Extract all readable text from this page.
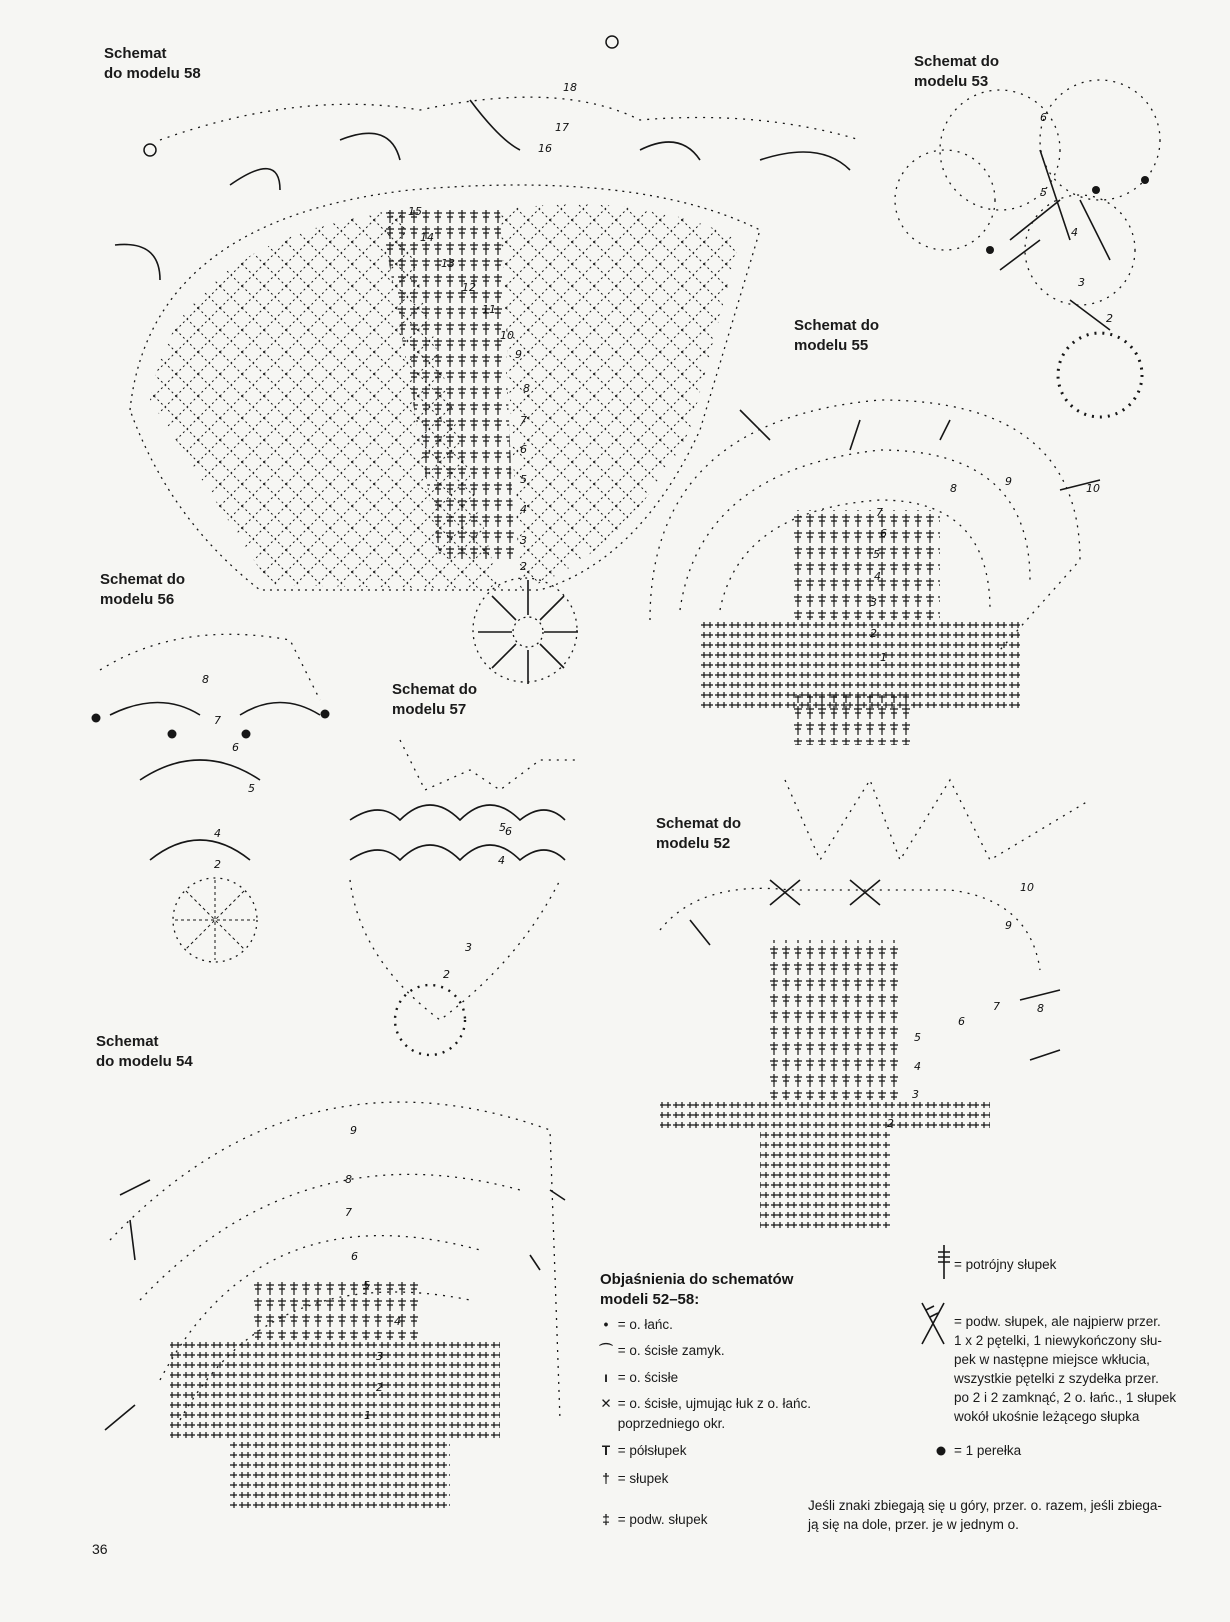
2
3
4
5
6
7
8
9
10
11
12
13
14
15
16
17
18
2
3
4
5
6
1
2
3
4
5
6
7
8
9
10
2
4
5
6
7
8
2
3
4
5 6
2
3
4
5
6
7	8
9
10
1
2
3
4
5
6
7
8
9
Schemat
do modelu 58
Schemat do
modelu 53
Schemat do
modelu 55
Schemat do
modelu 56
Schemat do
modelu 57
Schemat do
modelu 52
Schemat
do modelu 54
Objaśnienia do schematów
modeli 52–58:
• = o. łańc.
⌒ = o. ścisłe zamyk.
ı = o. ścisłe
✕ = o. ścisłe, ujmując łuk z o. łańc.
poprzedniego okr.
T = półsłupek
† = słupek
‡ = podw. słupek
= potrójny słupek
= podw. słupek, ale najpierw przer.
1 x 2 pętelki, 1 niewykończony słu-
pek w następne miejsce wkłucia,
wszystkie pętelki z szydełka przer.
po 2 i 2 zamknąć, 2 o. łańc., 1 słupek
wokół ukośnie leżącego słupka
= 1 perełka
Jeśli znaki zbiegają się u góry, przer. o. razem, jeśli zbiega-
ją się na dole, przer. je w jednym o.
36
